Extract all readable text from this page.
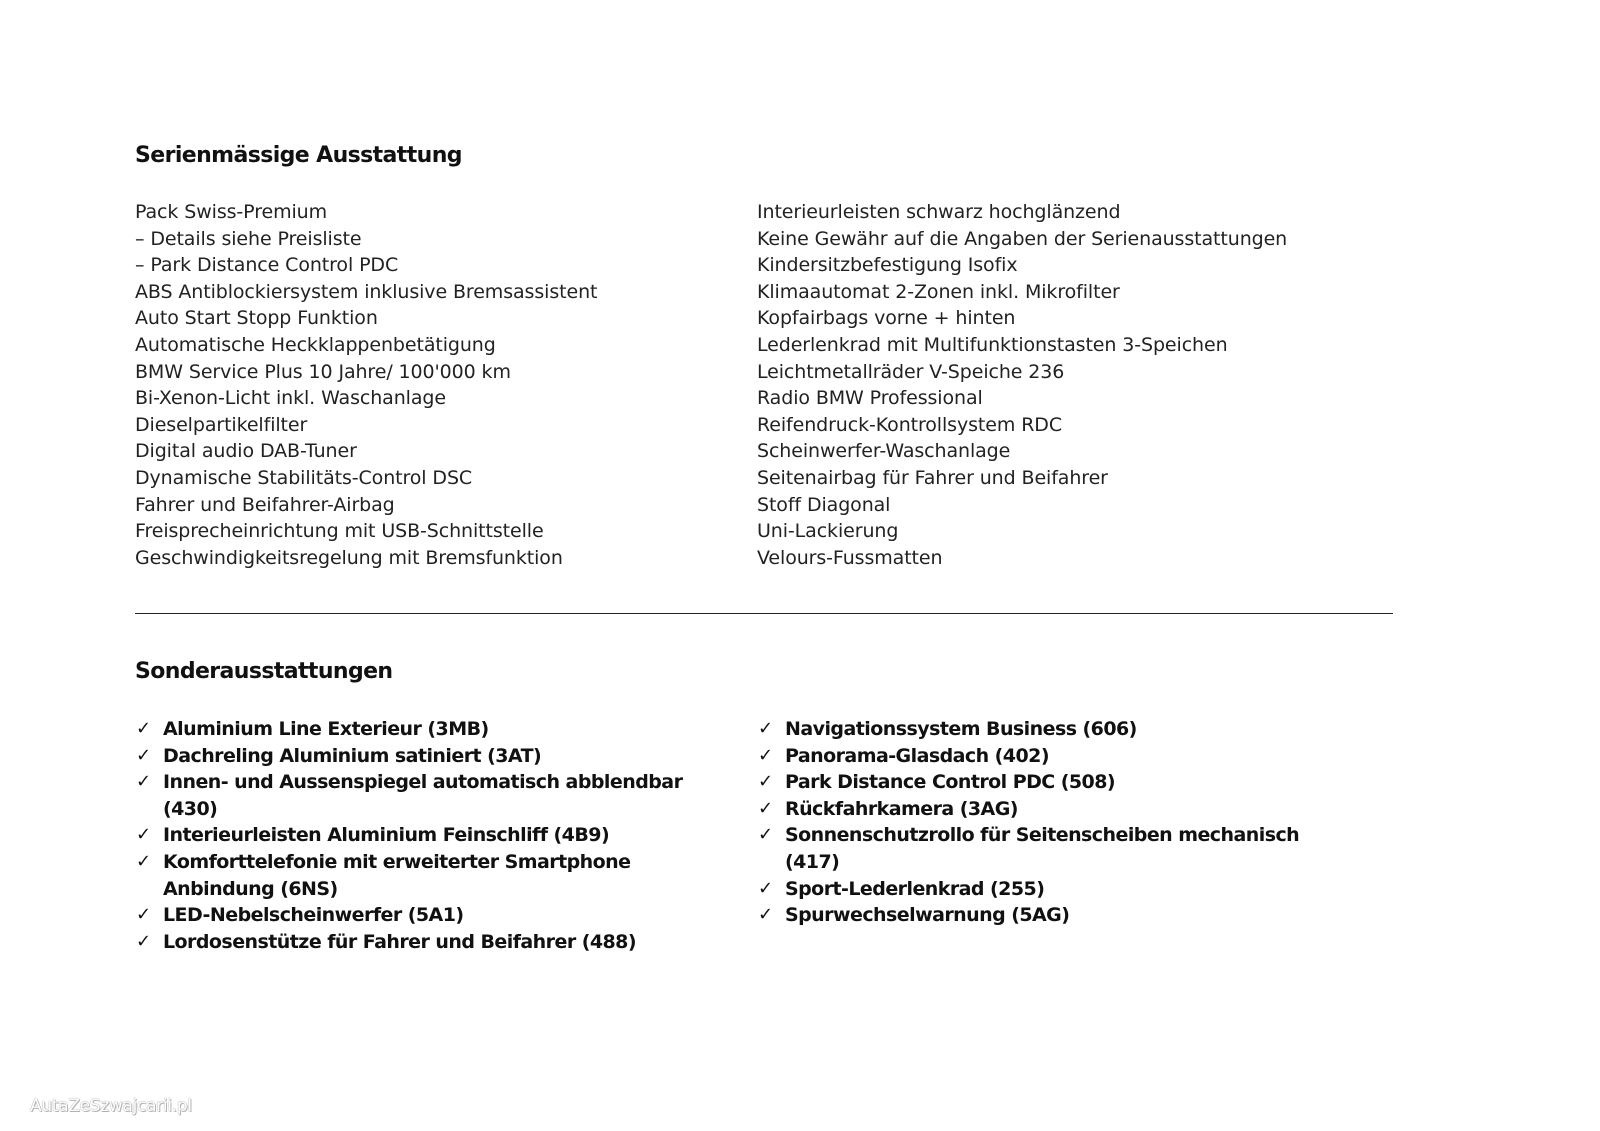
Serienmässige Ausstattung
Pack Swiss-Premium
– Details siehe Preisliste
– Park Distance Control PDC
ABS Antiblockiersystem inklusive Bremsassistent
Auto Start Stopp Funktion
Automatische Heckklappenbetätigung
BMW Service Plus 10 Jahre/ 100'000 km
Bi-Xenon-Licht inkl. Waschanlage
Dieselpartikelfilter
Digital audio DAB-Tuner
Dynamische Stabilitäts-Control DSC
Fahrer und Beifahrer-Airbag
Freisprecheinrichtung mit USB-Schnittstelle
Geschwindigkeitsregelung mit Bremsfunktion
Interieurleisten schwarz hochglänzend
Keine Gewähr auf die Angaben der Serienausstattungen
Kindersitzbefestigung Isofix
Klimaautomat 2-Zonen inkl. Mikrofilter
Kopfairbags vorne + hinten
Lederlenkrad mit Multifunktionstasten 3-Speichen
Leichtmetallräder V-Speiche 236
Radio BMW Professional
Reifendruck-Kontrollsystem RDC
Scheinwerfer-Waschanlage
Seitenairbag für Fahrer und Beifahrer
Stoff Diagonal
Uni-Lackierung
Velours-Fussmatten
Sonderausstattungen
✓ Aluminium Line Exterieur (3MB)
✓ Dachreling Aluminium satiniert (3AT)
✓ Innen- und Aussenspiegel automatisch abblendbar (430)
✓ Interieurleisten Aluminium Feinschliff (4B9)
✓ Komforttelefonie mit erweiterter Smartphone Anbindung (6NS)
✓ LED-Nebelscheinwerfer (5A1)
✓ Lordosenstütze für Fahrer und Beifahrer (488)
✓ Navigationssystem Business (606)
✓ Panorama-Glasdach (402)
✓ Park Distance Control PDC (508)
✓ Rückfahrkamera (3AG)
✓ Sonnenschutzrollo für Seitenscheiben mechanisch (417)
✓ Sport-Lederlenkrad (255)
✓ Spurwechselwarnung (5AG)
AutaZeSzwajcarii.pl
